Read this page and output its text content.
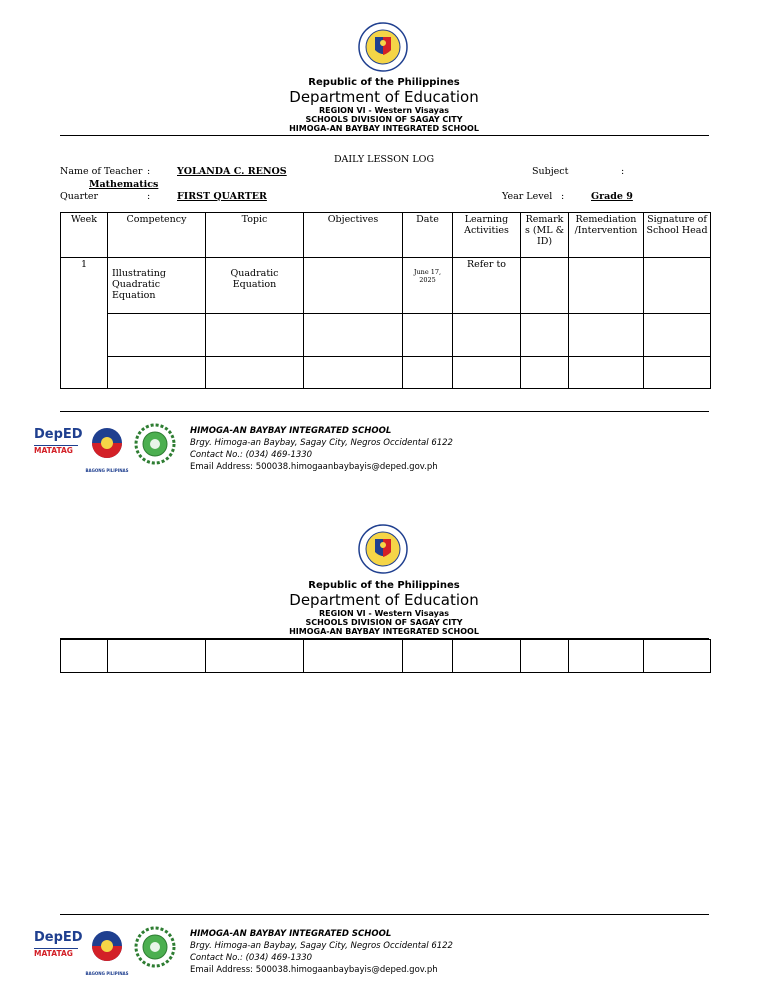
Republic of the Philippines
Department of Education
REGION VI - Western Visayas
SCHOOLS DIVISION OF SAGAY CITY
HIMOGA-AN BAYBAY INTEGRATED SCHOOL
DAILY LESSON LOG
Name of Teacher :	YOLANDA C. RENOS	Subject	:
Mathematics
Quarter	:	FIRST QUARTER	Year Level :	Grade 9
Week	Competency	Topic	Objectives	Date	Learning Activities	Remark s (ML & ID)	Remediation /Intervention	Signature of School Head
1	Illustrating Quadratic Equation	Quadratic Equation		June 17, 2025	Refer to			

DepED
MATATAG
BAGONG PILIPINAS
HIMOGA-AN BAYBAY INTEGRATED SCHOOL
Brgy. Himoga-an Baybay, Sagay City, Negros Occidental 6122
Contact No.: (034) 469-1330
Email Address: 500038.himogaanbaybayis@deped.gov.ph
Republic of the Philippines
Department of Education
REGION VI - Western Visayas
SCHOOLS DIVISION OF SAGAY CITY
HIMOGA-AN BAYBAY INTEGRATED SCHOOL

DepED
MATATAG
BAGONG PILIPINAS
HIMOGA-AN BAYBAY INTEGRATED SCHOOL
Brgy. Himoga-an Baybay, Sagay City, Negros Occidental 6122
Contact No.: (034) 469-1330
Email Address: 500038.himogaanbaybayis@deped.gov.ph
